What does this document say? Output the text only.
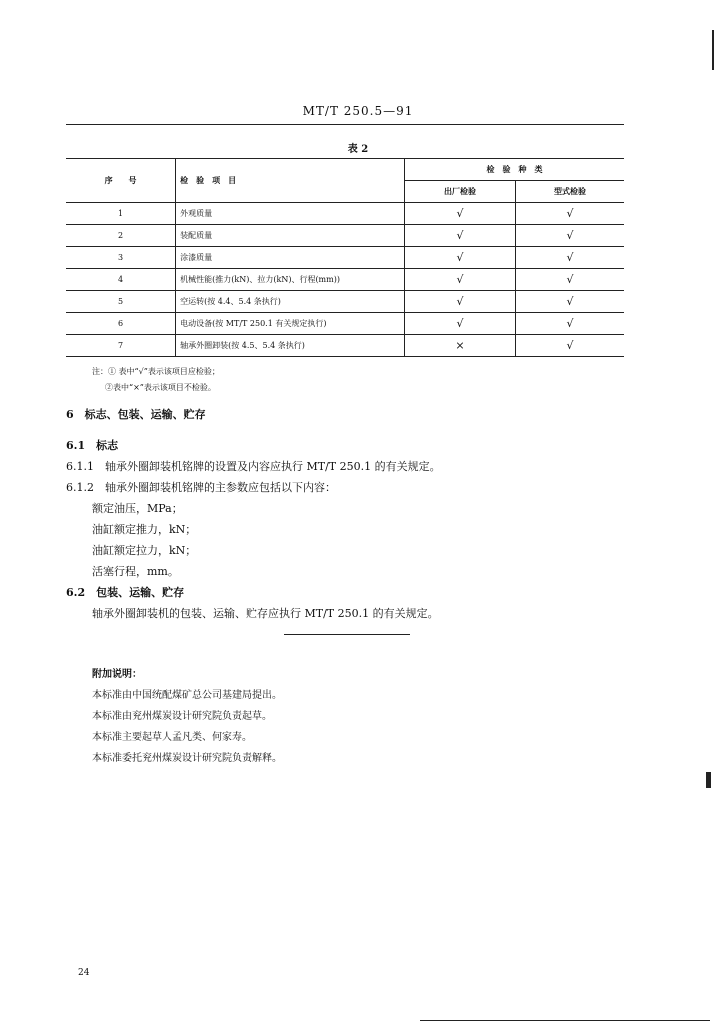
MT/T 250.5—91
表 2
序　　号	检　验　项　目	检　验　种　类	
		出厂检验	型式检验
1	外观质量	√	√
2	装配质量	√	√
3	涂漆质量	√	√
4	机械性能(推力(kN)、拉力(kN)、行程(mm))	√	√
5	空运转(按 4.4、5.4 条执行)	√	√
6	电动设备(按 MT/T 250.1 有关规定执行)	√	√
7	轴承外圈卸装(按 4.5、5.4 条执行)	×	√
注：① 表中“√”表示该项目应检验；
②表中“×”表示该项目不检验。
6　标志、包装、运输、贮存
6.1　标志
6.1.1　轴承外圈卸装机铭牌的设置及内容应执行 MT/T 250.1 的有关规定。
6.1.2　轴承外圈卸装机铭牌的主参数应包括以下内容：
额定油压，MPa；
油缸额定推力，kN；
油缸额定拉力，kN；
活塞行程，mm。
6.2　包装、运输、贮存
轴承外圈卸装机的包装、运输、贮存应执行 MT/T 250.1 的有关规定。
附加说明：
本标准由中国统配煤矿总公司基建局提出。
本标准由兖州煤炭设计研究院负责起草。
本标准主要起草人孟凡类、何家寿。
本标准委托兖州煤炭设计研究院负责解释。
24
